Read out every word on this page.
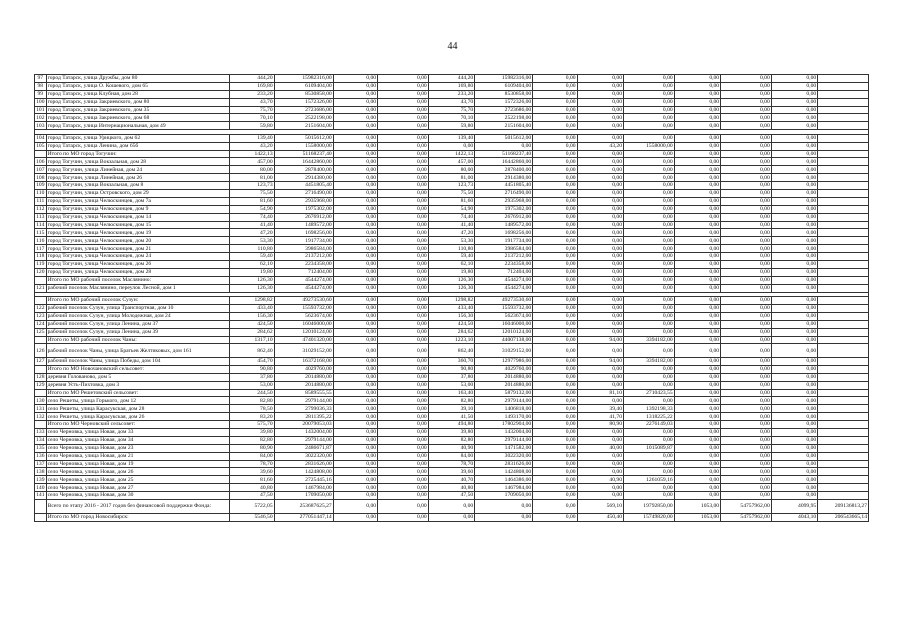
44
97	город Татарск, улица Дружбы, дом 80	444,20	15982316,00	0,00	0,00	444,20	15982316,00	0,00	0,00	0,00	0,00	0,00	0,00	
98	город Татарск, улица О. Кошевого, дом 65	169,80	6109404,00	0,00	0,00	169,80	6109404,00	0,00	0,00	0,00	0,00	0,00	0,00	
99	город Татарск, улица Клубная, дом 28	233,20	8530858,00	0,00	0,00	233,20	8530858,00	0,00	0,00	0,00	0,00	0,00	0,00	
100	город Татарск, улица Закриевского, дом 80	43,70	1572326,00	0,00	0,00	43,70	1572326,00	0,00	0,00	0,00	0,00	0,00	0,00	
101	город Татарск, улица Закриевского, дом 35	75,70	2723686,00	0,00	0,00	75,70	2723686,00	0,00	0,00	0,00	0,00	0,00	0,00	
102	город Татарск, улица Закриевского, дом 68	70,10	2522198,00	0,00	0,00	70,10	2522198,00	0,00	0,00	0,00	0,00	0,00	0,00	
103	город Татарск, улица Интернациональная, дом 49	59,80	2151604,00	0,00	0,00	59,80	2151604,00	0,00	0,00	0,00	0,00	0,00	0,00	

104	город Татарск, улица Урицкого, дом 62	139,40	5015612,00	0,00	0,00	139,40	5015612,00	0,00	0,00	0,00	0,00	0,00	0,00	
105	город Татарск, улица Ленина, дом 65б	43,20	1558000,00	0,00	0,00	0,00	0,00	0,00	43,20	1558000,00	0,00	0,00	0,00	
	Итого по МО город Тогучин:	1422,13	51168237,40	0,00	0,00	1422,13	51168237,40	0,00	0,00	0,00	0,00	0,00	0,00	
106	город Тогучин, улица Вокзальная, дом 28	457,00	16442860,00	0,00	0,00	457,00	16442860,00	0,00	0,00	0,00	0,00	0,00	0,00	
107	город Тогучин, улица Линейная, дом 24	80,00	2878400,00	0,00	0,00	80,00	2878400,00	0,00	0,00	0,00	0,00	0,00	0,00	
108	город Тогучин, улица Линейная, дом 26	81,00	2914380,00	0,00	0,00	81,00	2914380,00	0,00	0,00	0,00	0,00	0,00	0,00	
109	город Тогучин, улица Вокзальная, дом 8	123,73	4451805,40	0,00	0,00	123,73	4451805,40	0,00	0,00	0,00	0,00	0,00	0,00	
110	город Тогучин, улица Островского, дом 29	75,50	2716490,00	0,00	0,00	75,50	2716490,00	0,00	0,00	0,00	0,00	0,00	0,00	
111	город Тогучин, улица Челюскинцев, дом 7а	81,60	2935968,00	0,00	0,00	81,60	2935968,00	0,00	0,00	0,00	0,00	0,00	0,00	
112	город Тогучин, улица Челюскинцев, дом 9	54,90	1975302,00	0,00	0,00	54,90	1975302,00	0,00	0,00	0,00	0,00	0,00	0,00	
113	город Тогучин, улица Челюскинцев, дом 14	74,40	2676912,00	0,00	0,00	74,40	2676912,00	0,00	0,00	0,00	0,00	0,00	0,00	
114	город Тогучин, улица Челюскинцев, дом 15	41,40	1489572,00	0,00	0,00	41,40	1489572,00	0,00	0,00	0,00	0,00	0,00	0,00	
115	город Тогучин, улица Челюскинцев, дом 19	47,20	1698256,00	0,00	0,00	47,20	1698256,00	0,00	0,00	0,00	0,00	0,00	0,00	
116	город Тогучин, улица Челюскинцев, дом 20	53,30	1917734,00	0,00	0,00	53,30	1917734,00	0,00	0,00	0,00	0,00	0,00	0,00	
117	город Тогучин, улица Челюскинцев, дом 21	110,80	3986584,00	0,00	0,00	110,80	3986584,00	0,00	0,00	0,00	0,00	0,00	0,00	
118	город Тогучин, улица Челюскинцев, дом 24	59,40	2137212,00	0,00	0,00	59,40	2137212,00	0,00	0,00	0,00	0,00	0,00	0,00	
119	город Тогучин, улица Челюскинцев, дом 26	62,10	2234358,00	0,00	0,00	62,10	2234358,00	0,00	0,00	0,00	0,00	0,00	0,00	
120	город Тогучин, улица Челюскинцев, дом 28	19,80	712404,00	0,00	0,00	19,80	712404,00	0,00	0,00	0,00	0,00	0,00	0,00	
	Итого по МО рабочий поселок Маслянино:	126,30	4544274,00	0,00	0,00	126,30	4544274,00	0,00	0,00	0,00	0,00	0,00	0,00	
121	рабочий поселок Маслянино, переулок Лесной, дом 1	126,30	4544274,00	0,00	0,00	126,30	4544274,00	0,00	0,00	0,00	0,00	0,00	0,00	

	Итого по МО рабочий поселок Сузун:	1298,82	49273530,60	0,00	0,00	1298,82	49273530,60	0,00	0,00	0,00	0,00	0,00	0,00	
122	рабочий поселок Сузун, улица Транспортная, дом 10	433,40	15593732,00	0,00	0,00	433,40	15593732,00	0,00	0,00	0,00	0,00	0,00	0,00	
123	рабочий поселок Сузун, улица Молодежная, дом 24	156,30	5623674,00	0,00	0,00	156,30	5623674,00	0,00	0,00	0,00	0,00	0,00	0,00	
124	рабочий поселок Сузун, улица Ленина, дом 37	424,50	16046000,00	0,00	0,00	424,50	16046000,00	0,00	0,00	0,00	0,00	0,00	0,00	
125	рабочий поселок Сузун, улица Ленина, дом 39	284,62	12010124,00	0,00	0,00	284,62	12010124,00	0,00	0,00	0,00	0,00	0,00	0,00	
	Итого по МО рабочий поселок Чаны:	1317,10	47401320,00	0,00	0,00	1223,10	44007138,00	0,00	94,00	3394182,00	0,00	0,00	0,00	
126	рабочий поселок Чаны, улица Братьев Желтиковых, дом 161	862,40	31029152,00	0,00	0,00	862,40	31029152,00	0,00	0,00	0,00	0,00	0,00	0,00	
127	рабочий поселок Чаны, улица Победы, дом 104	454,70	16372168,00	0,00	0,00	360,70	12977986,00	0,00	94,00	3394182,00	0,00	0,00	0,00	
	Итого по МО Новочановский сельсовет:	90,80	4029760,00	0,00	0,00	90,80	4029760,00	0,00	0,00	0,00	0,00	0,00	0,00	
128	деревня Голованово, дом 5	37,80	2014880,00	0,00	0,00	37,80	2014880,00	0,00	0,00	0,00	0,00	0,00	0,00	
129	деревня Усть-Пихтовка, дом 3	53,00	2014880,00	0,00	0,00	53,00	2014880,00	0,00	0,00	0,00	0,00	0,00	0,00	
	Итого по МО Решетовский сельсовет:	244,50	8589555,55	0,00	0,00	163,40	5879132,00	0,00	81,10	2710423,55	0,00	0,00	0,00	
130	село Решеты, улица Горького, дом 12	82,80	2979144,00	0,00	0,00	82,80	2979144,00	0,00	0,00	0,00	0,00	0,00	0,00	
131	село Решеты, улица Карасукская, дом 28	78,50	2799036,33	0,00	0,00	39,10	1406818,00	0,00	39,40	1392198,33	0,00	0,00	0,00	
132	село Решеты, улица Карасукская, дом 26	83,20	2811395,22	0,00	0,00	41,50	1493170,00	0,00	41,70	1318225,22	0,00	0,00	0,00	
	Итого по МО Черновский сельсовет:	575,70	20079053,03	0,00	0,00	494,80	17802904,00	0,00	80,90	2276149,03	0,00	0,00	0,00	
133	село Черновка, улица Новая, дом 33	39,80	1432004,00	0,00	0,00	39,80	1432004,00	0,00	0,00	0,00	0,00	0,00	0,00	
134	село Черновка, улица Новая, дом 34	82,80	2979144,00	0,00	0,00	82,80	2979144,00	0,00	0,00	0,00	0,00	0,00	0,00	
135	село Черновка, улица Новая, дом 23	80,90	2486671,87	0,00	0,00	40,90	1471582,00	0,00	40,00	1015089,87	0,00	0,00	0,00	
136	село Черновка, улица Новая, дом 21	84,00	3022320,00	0,00	0,00	84,00	3022320,00	0,00	0,00	0,00	0,00	0,00	0,00	
137	село Черновка, улица Новая, дом 19	78,70	2831626,00	0,00	0,00	78,70	2831626,00	0,00	0,00	0,00	0,00	0,00	0,00	
138	село Черновка, улица Новая, дом 26	39,60	1424808,00	0,00	0,00	39,60	1424808,00	0,00	0,00	0,00	0,00	0,00	0,00	
139	село Черновка, улица Новая, дом 25	81,60	2725445,16	0,00	0,00	40,70	1464386,00	0,00	40,90	1261059,16	0,00	0,00	0,00	
140	село Черновка, улица Новая, дом 27	40,80	1467984,00	0,00	0,00	40,80	1467984,00	0,00	0,00	0,00	0,00	0,00	0,00	
141	село Черновка, улица Новая, дом 30	47,50	1709050,00	0,00	0,00	47,50	1709050,00	0,00	0,00	0,00	0,00	0,00	0,00	
	Всего по этапу 2016 - 2017 годов без финансовой поддержки Фонда:	5722,05	253687625,27	0,00	0,00	0,00	0,00	0,00	569,10	19792850,00	1053,00	54757962,00	4099,95	209136813,27
	Итого по МО город Новосибирск:	5546,50	277051447,14	0,00	0,00	0,00	0,00	0,00	450,40	15749820,00	1053,00	54757962,00	4043,10	206543665,14
